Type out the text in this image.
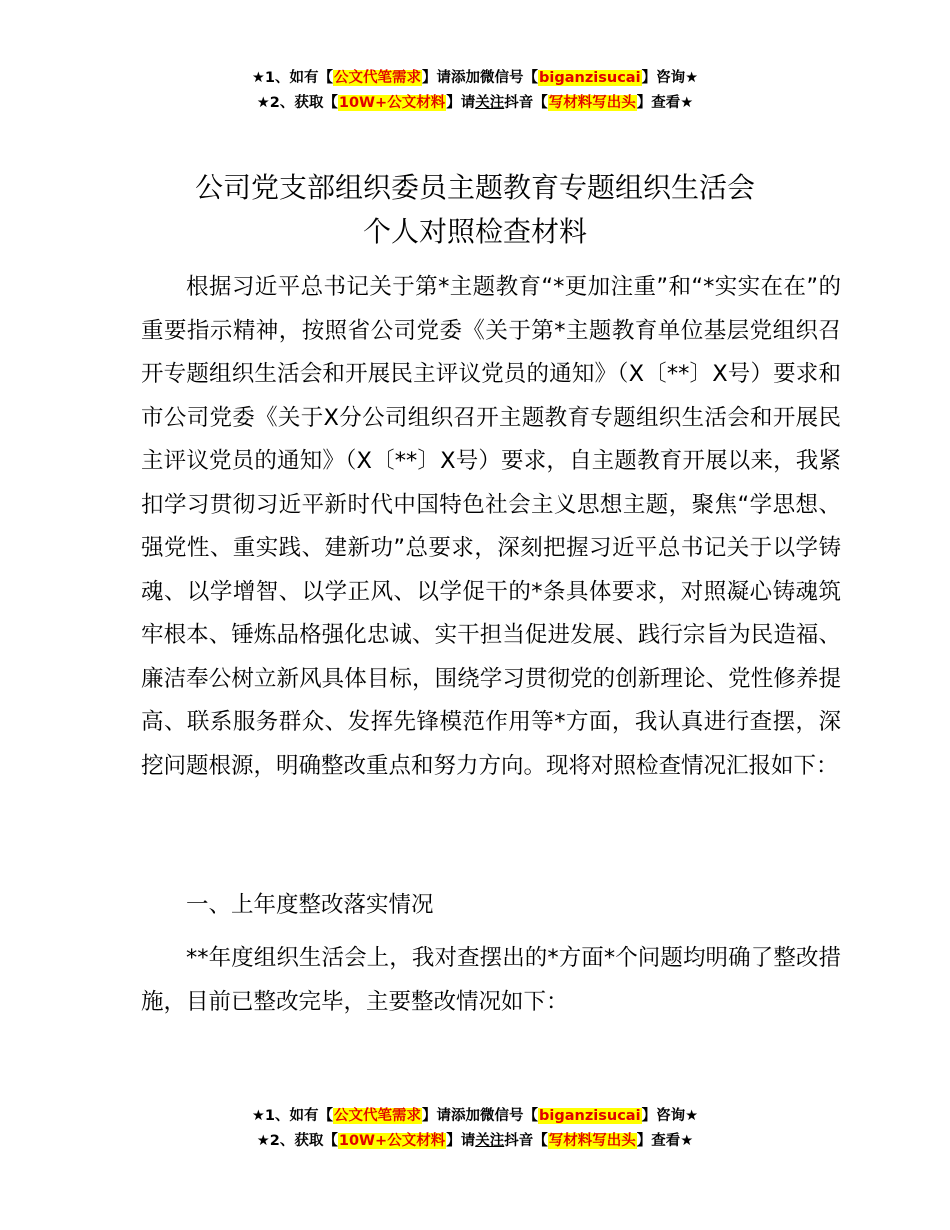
★1、如有【公文代笔需求】请添加微信号【biganzisucai】咨询★
★2、获取【10W+公文材料】请关注抖音【写材料写出头】查看★
公司党支部组织委员主题教育专题组织生活会
个人对照检查材料

根据习近平总书记关于第*主题教育“*更加注重”和“*实实在在”的重要指示精神，按照省公司党委《关于第*主题教育单位基层党组织召开专题组织生活会和开展民主评议党员的通知》（X〔**〕X号）要求和市公司党委《关于X分公司组织召开主题教育专题组织生活会和开展民主评议党员的通知》（X〔**〕X号）要求，自主题教育开展以来，我紧扣学习贯彻习近平新时代中国特色社会主义思想主题，聚焦“学思想、强党性、重实践、建新功”总要求，深刻把握习近平总书记关于以学铸魂、以学增智、以学正风、以学促干的*条具体要求，对照凝心铸魂筑牢根本、锤炼品格强化忠诚、实干担当促进发展、践行宗旨为民造福、廉洁奉公树立新风具体目标，围绕学习贯彻党的创新理论、党性修养提高、联系服务群众、发挥先锋模范作用等*方面，我认真进行查摆，深挖问题根源，明确整改重点和努力方向。现将对照检查情况汇报如下：

一、上年度整改落实情况

**年度组织生活会上，我对查摆出的*方面*个问题均明确了整改措施，目前已整改完毕，主要整改情况如下：

★1、如有【公文代笔需求】请添加微信号【biganzisucai】咨询★
★2、获取【10W+公文材料】请关注抖音【写材料写出头】查看★
